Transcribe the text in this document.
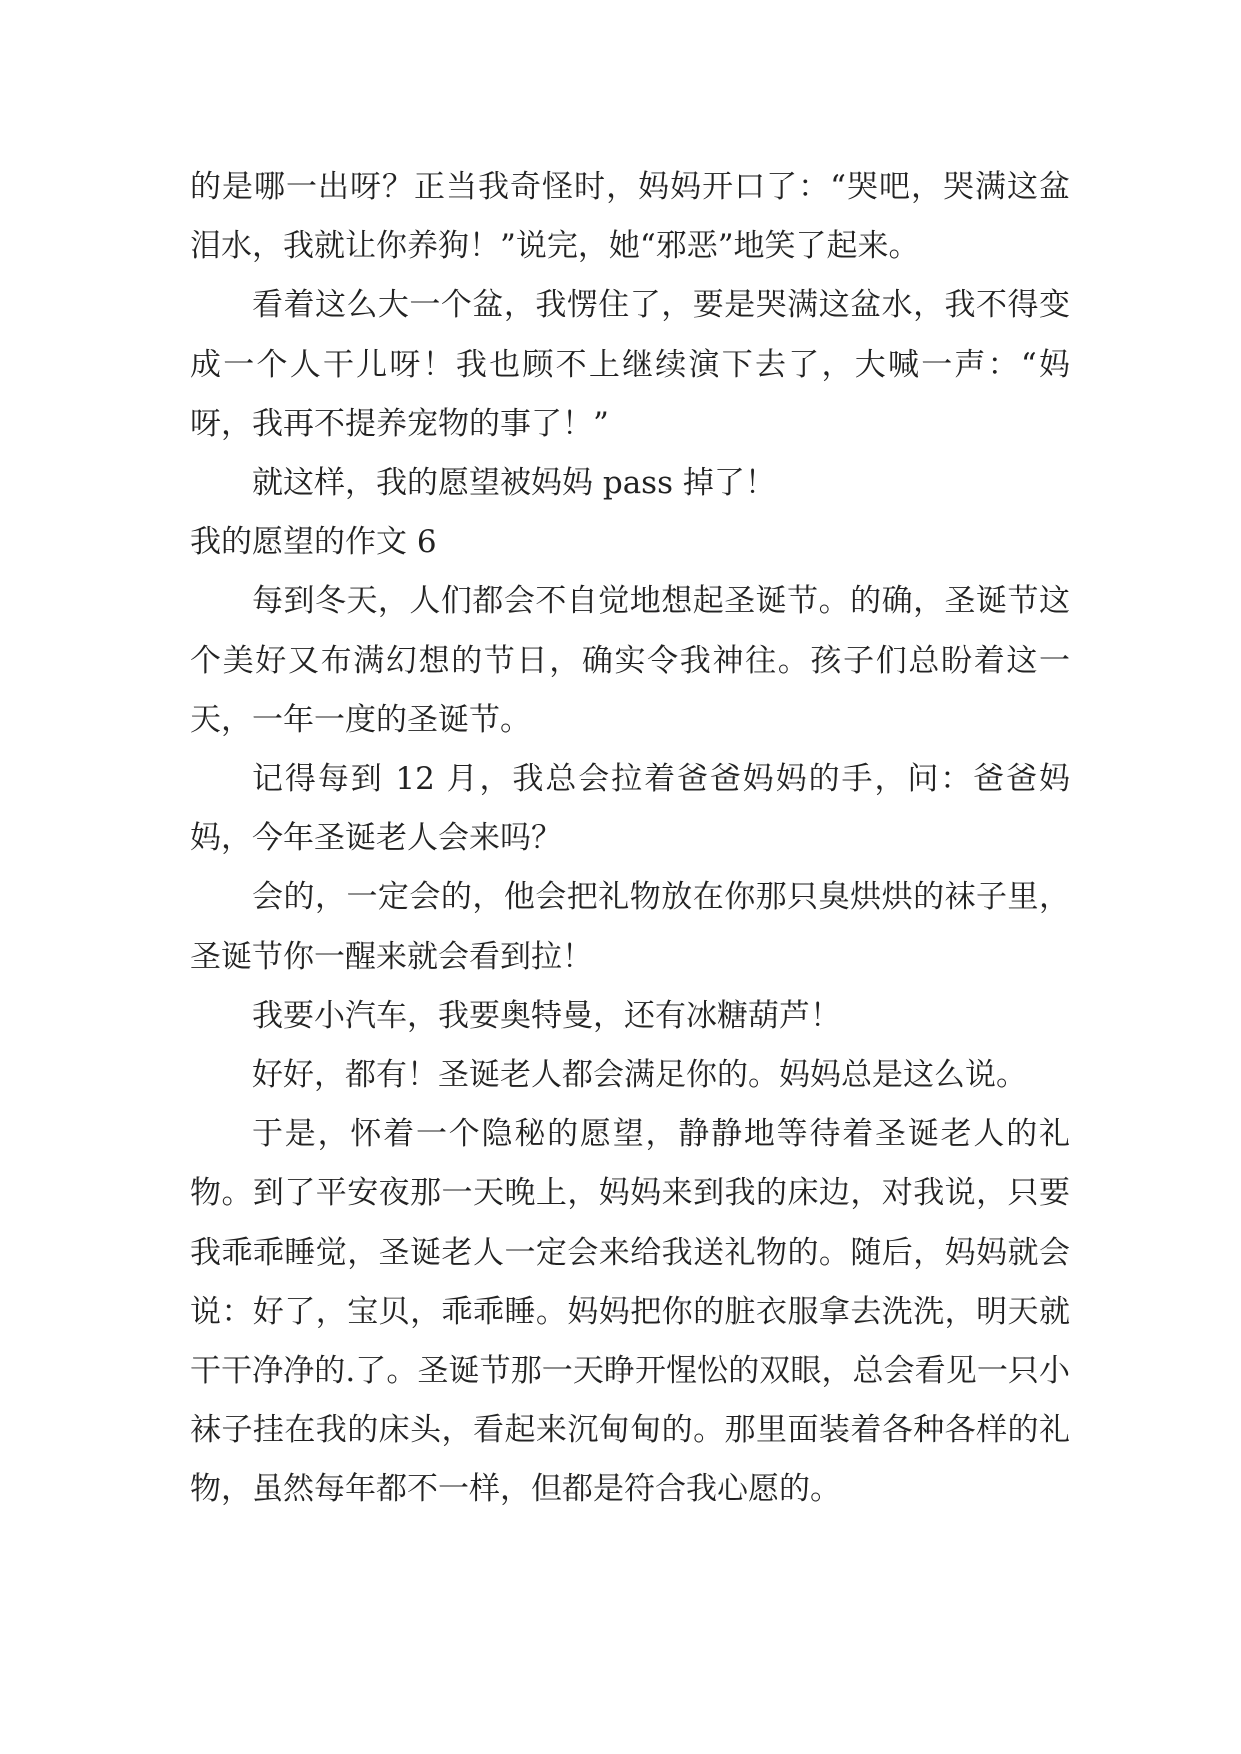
的是哪一出呀？正当我奇怪时，妈妈开口了：“哭吧，哭满这盆泪水，我就让你养狗！”说完，她“邪恶”地笑了起来。

看着这么大一个盆，我愣住了，要是哭满这盆水，我不得变成一个人干儿呀！我也顾不上继续演下去了，大喊一声：“妈呀，我再不提养宠物的事了！”

就这样，我的愿望被妈妈 pass 掉了！

我的愿望的作文 6

每到冬天，人们都会不自觉地想起圣诞节。的确，圣诞节这个美好又布满幻想的节日，确实令我神往。孩子们总盼着这一天，一年一度的圣诞节。

记得每到 12 月，我总会拉着爸爸妈妈的手，问：爸爸妈妈，今年圣诞老人会来吗？

会的，一定会的，他会把礼物放在你那只臭烘烘的袜子里，圣诞节你一醒来就会看到拉！

我要小汽车，我要奥特曼，还有冰糖葫芦！

好好，都有！圣诞老人都会满足你的。妈妈总是这么说。

于是，怀着一个隐秘的愿望，静静地等待着圣诞老人的礼物。到了平安夜那一天晚上，妈妈来到我的床边，对我说，只要我乖乖睡觉，圣诞老人一定会来给我送礼物的。随后，妈妈就会说：好了，宝贝，乖乖睡。妈妈把你的脏衣服拿去洗洗，明天就干干净净的.了。圣诞节那一天睁开惺忪的双眼，总会看见一只小袜子挂在我的床头，看起来沉甸甸的。那里面装着各种各样的礼物，虽然每年都不一样，但都是符合我心愿的。
